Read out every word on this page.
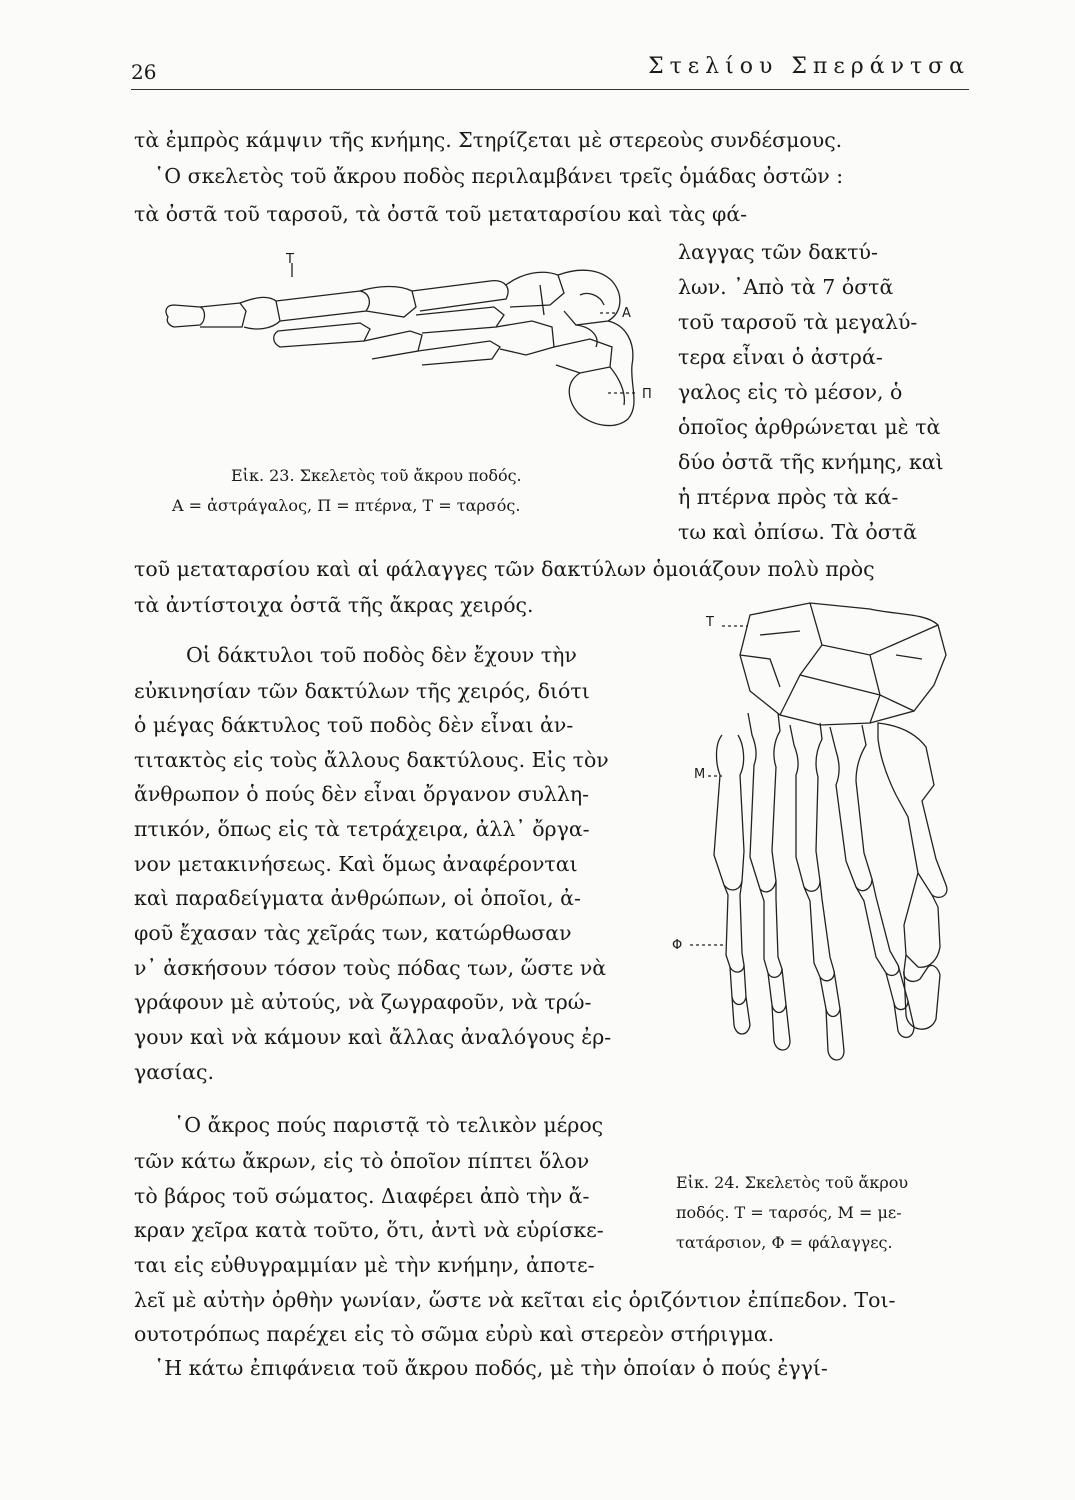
26	Στελίου Σπεράντσα
τὰ ἐμπρὸς κάμψιν τῆς κνήμης. Στηρίζεται μὲ στερεοὺς συνδέσμους.
῾Ο σκελετὸς τοῦ ἄκρου ποδὸς περιλαμβάνει τρεῖς ὁμάδας ὀστῶν :
τὰ ὀστᾶ τοῦ ταρσοῦ, τὰ ὀστᾶ τοῦ μεταταρσίου καὶ τὰς φά-
λαγγας τῶν δακτύ-
λων. ᾿Απὸ τὰ 7 ὀστᾶ
τοῦ ταρσοῦ τὰ μεγαλύ-
τερα εἶναι ὁ ἀστρά-
γαλος εἰς τὸ μέσον, ὁ
ὁποῖος ἀρθρώνεται μὲ τὰ
δύο ὀστᾶ τῆς κνήμης, καὶ
ἡ πτέρνα πρὸς τὰ κά-
τω καὶ ὀπίσω. Τὰ ὀστᾶ
Τ
Α
Π
Εἰκ. 23. Σκελετὸς τοῦ ἄκρου ποδός.
Α = ἀστράγαλος, Π = πτέρνα, Τ = ταρσός.
τοῦ μεταταρσίου καὶ αἱ φάλαγγες τῶν δακτύλων ὁμοιάζουν πολὺ πρὸς
τὰ ἀντίστοιχα ὀστᾶ τῆς ἄκρας χειρός.
Οἱ δάκτυλοι τοῦ ποδὸς δὲν ἔχουν τὴν
εὐκινησίαν τῶν δακτύλων τῆς χειρός, διότι
ὁ μέγας δάκτυλος τοῦ ποδὸς δὲν εἶναι ἀν-
τιτακτὸς εἰς τοὺς ἄλλους δακτύλους. Εἰς τὸν
ἄνθρωπον ὁ πούς δὲν εἶναι ὄργανον συλλη-
πτικόν, ὅπως εἰς τὰ τετράχειρα, ἀλλ᾿ ὄργα-
νον μετακινήσεως. Καὶ ὅμως ἀναφέρονται
καὶ παραδείγματα ἀνθρώπων, οἱ ὁποῖοι, ἀ-
φοῦ ἔχασαν τὰς χεῖράς των, κατώρθωσαν
ν᾿ ἀσκήσουν τόσον τοὺς πόδας των, ὥστε νὰ
γράφουν μὲ αὐτούς, νὰ ζωγραφοῦν, νὰ τρώ-
γουν καὶ νὰ κάμουν καὶ ἄλλας ἀναλόγους ἐρ-
γασίας.
῾Ο ἄκρος πούς παριστᾷ τὸ τελικὸν μέρος
τῶν κάτω ἄκρων, εἰς τὸ ὁποῖον πίπτει ὅλον
τὸ βάρος τοῦ σώματος. Διαφέρει ἀπὸ τὴν ἄ-
κραν χεῖρα κατὰ τοῦτο, ὅτι, ἀντὶ νὰ εὑρίσκε-
ται εἰς εὐθυγραμμίαν μὲ τὴν κνήμην, ἀποτε-
Τ
Μ
Φ
Εἰκ. 24. Σκελετὸς τοῦ ἄκρου
ποδός. Τ = ταρσός, Μ = με-
τατάρσιον, Φ = φάλαγγες.
λεῖ μὲ αὐτὴν ὀρθὴν γωνίαν, ὥστε νὰ κεῖται εἰς ὁριζόντιον ἐπίπεδον. Τοι-
ουτοτρόπως παρέχει εἰς τὸ σῶμα εὐρὺ καὶ στερεὸν στήριγμα.
῾Η κάτω ἐπιφάνεια τοῦ ἄκρου ποδός, μὲ τὴν ὁποίαν ὁ πούς ἐγγί-
